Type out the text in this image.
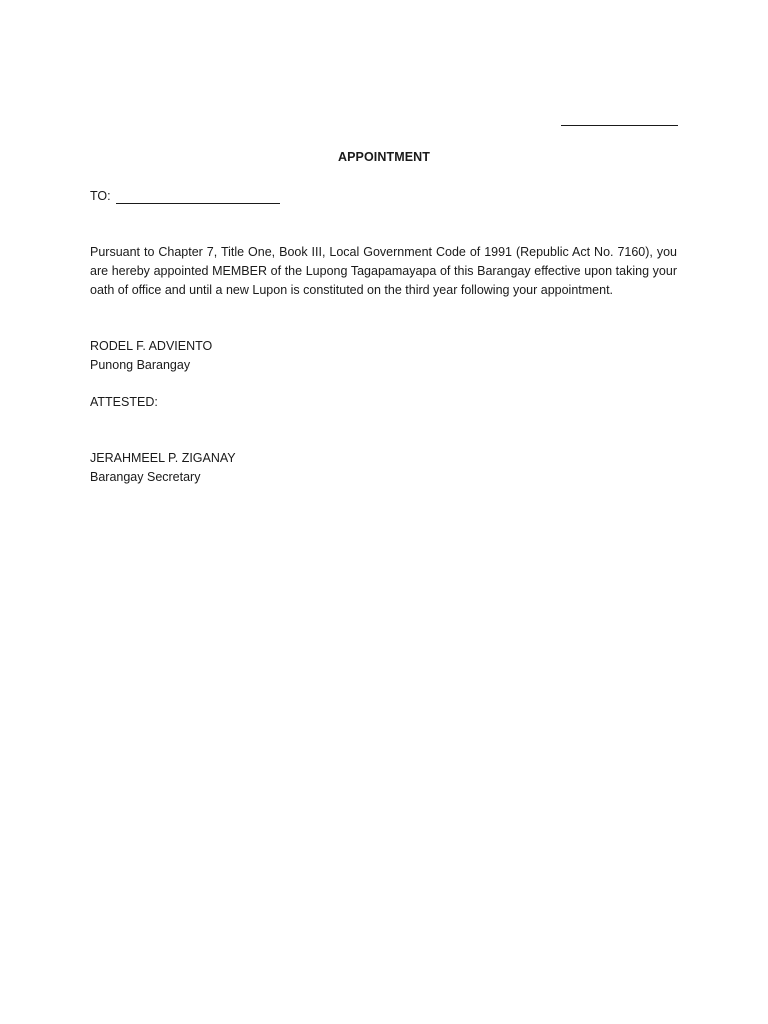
APPOINTMENT
TO:

Pursuant to Chapter 7, Title One, Book III, Local Government Code of 1991 (Republic Act No. 7160), you are hereby appointed MEMBER of the Lupong Tagapamayapa of this Barangay effective upon taking your oath of office and until a new Lupon is constituted on the third year following your appointment.

RODEL F. ADVIENTO
Punong Barangay
ATTESTED:
JERAHMEEL P. ZIGANAY
Barangay Secretary
